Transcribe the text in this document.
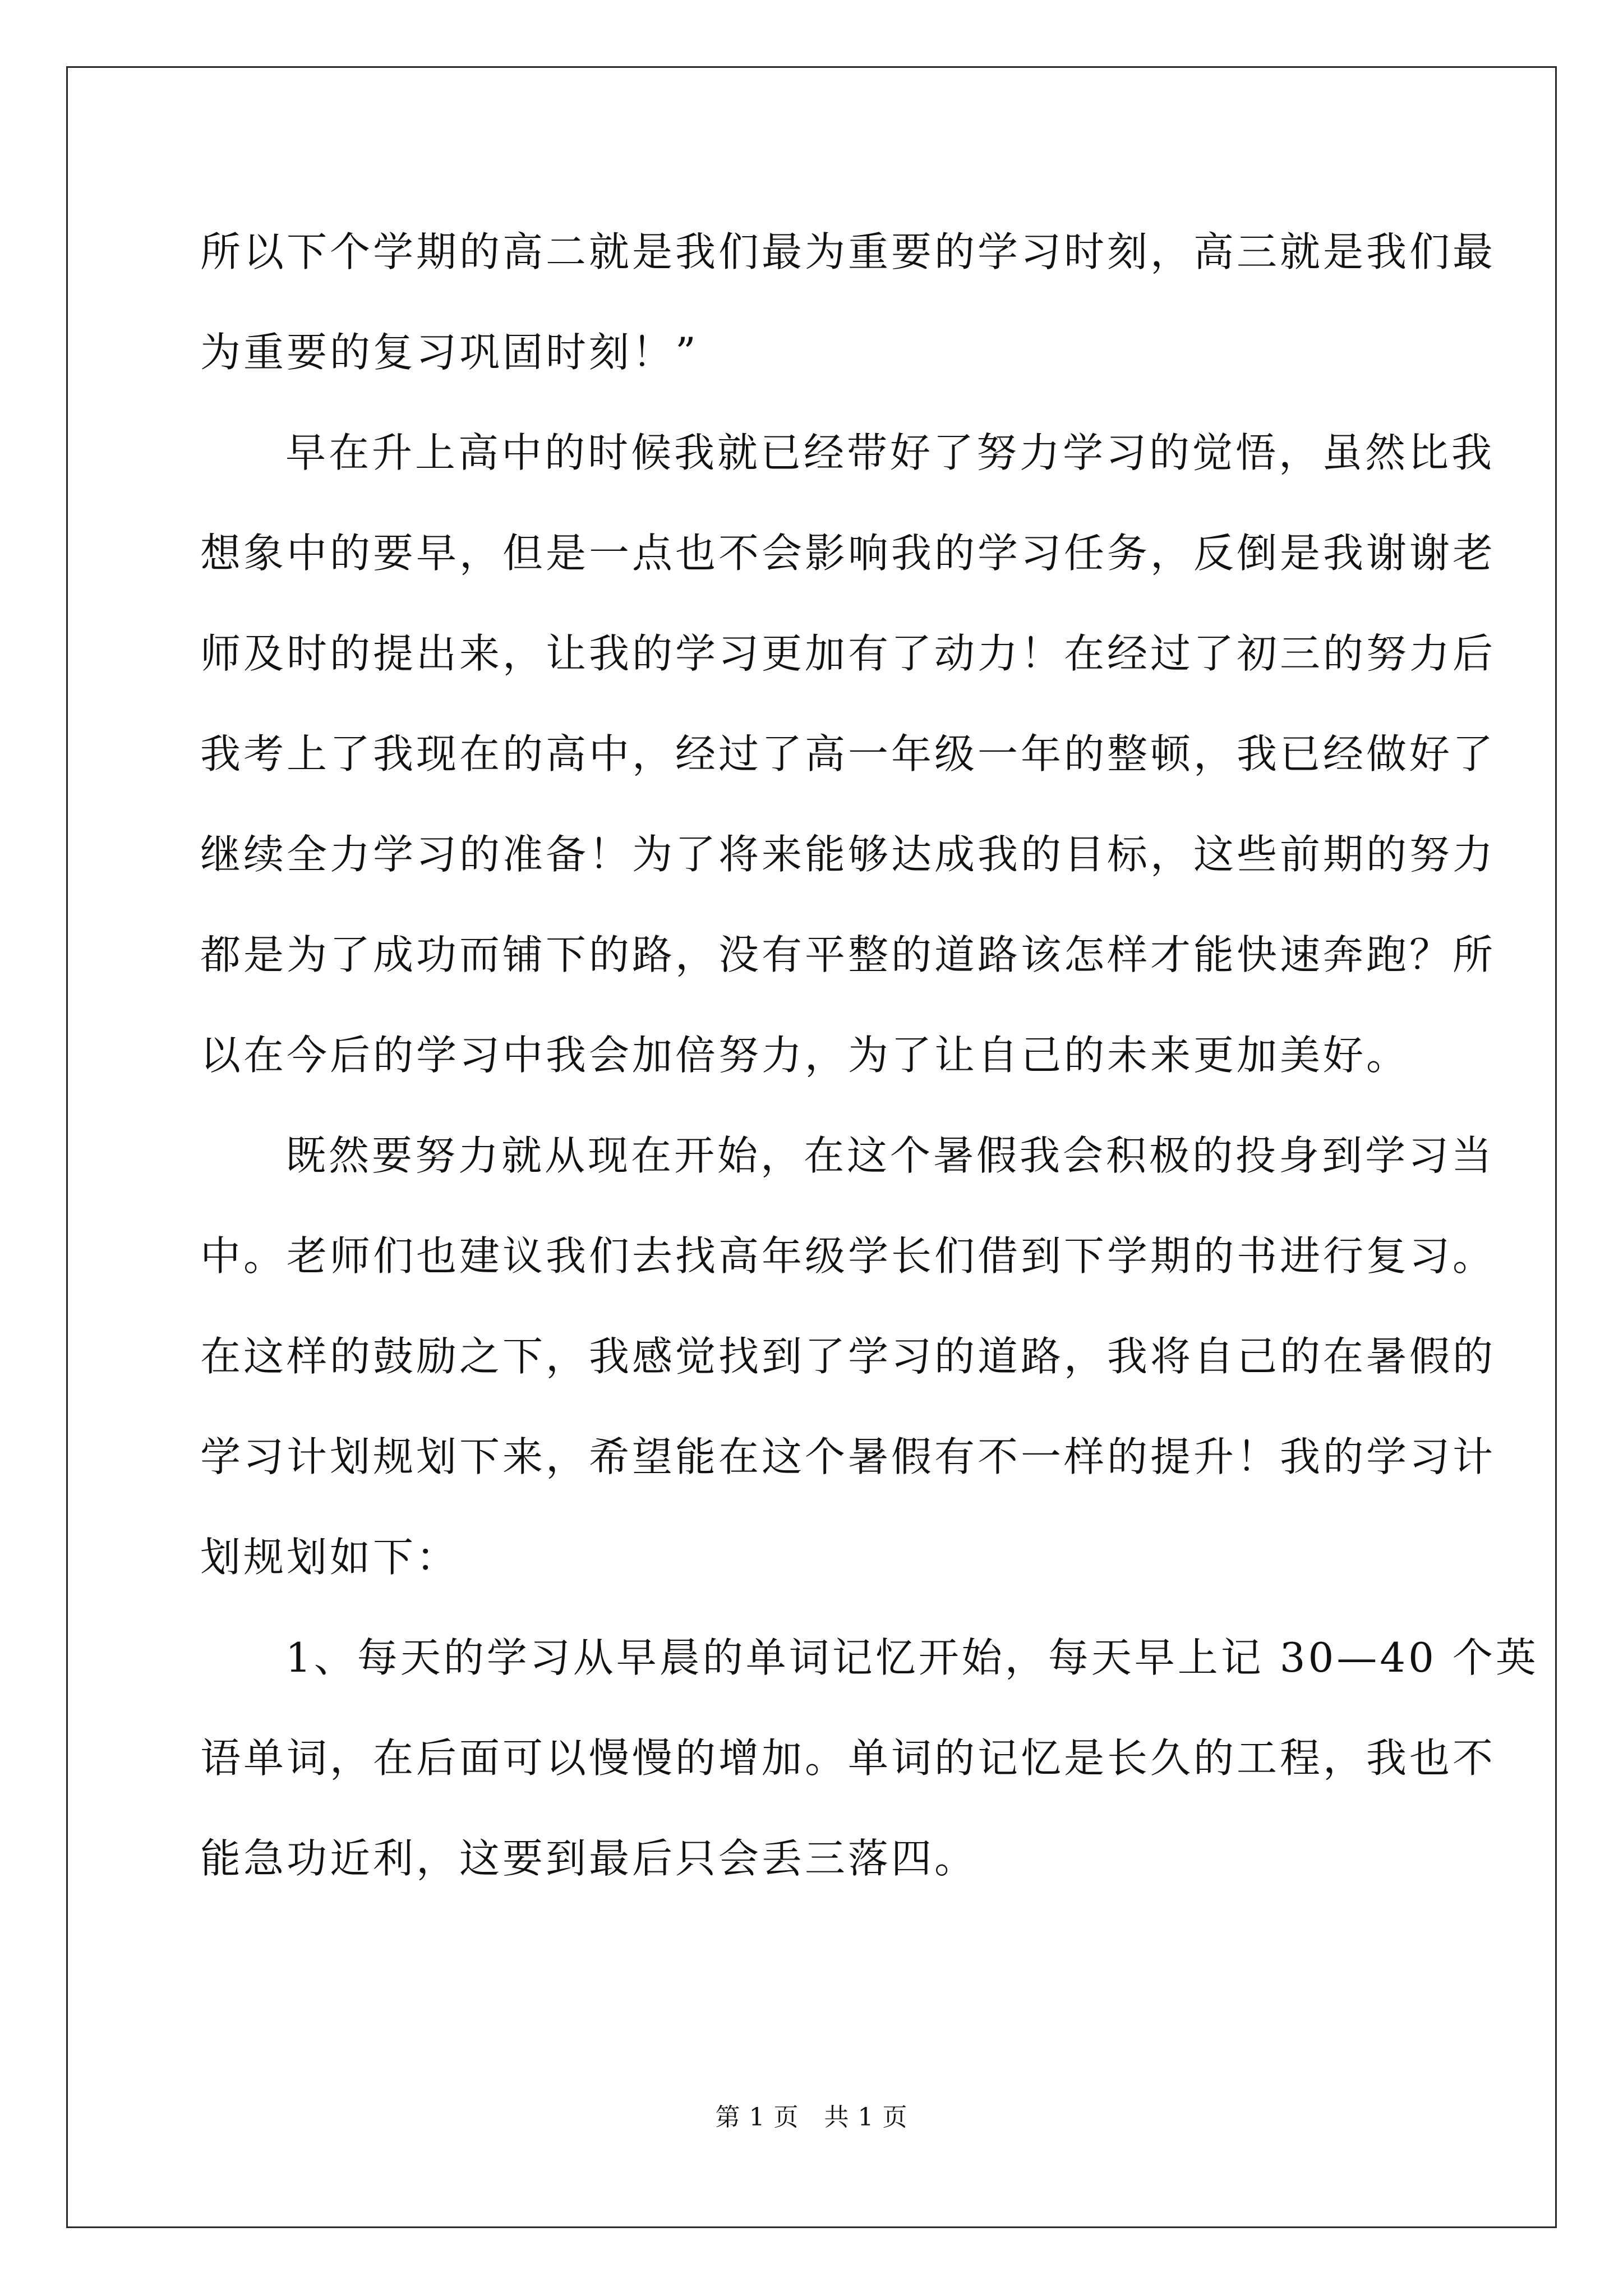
所以下个学期的高二就是我们最为重要的学习时刻，高三就是我们最

为重要的复习巩固时刻！”

早在升上高中的时候我就已经带好了努力学习的觉悟，虽然比我

想象中的要早，但是一点也不会影响我的学习任务，反倒是我谢谢老

师及时的提出来，让我的学习更加有了动力！在经过了初三的努力后

我考上了我现在的高中，经过了高一年级一年的整顿，我已经做好了

继续全力学习的准备！为了将来能够达成我的目标，这些前期的努力

都是为了成功而铺下的路，没有平整的道路该怎样才能快速奔跑？所

以在今后的学习中我会加倍努力，为了让自己的未来更加美好。

既然要努力就从现在开始，在这个暑假我会积极的投身到学习当

中。老师们也建议我们去找高年级学长们借到下学期的书进行复习。

在这样的鼓励之下，我感觉找到了学习的道路，我将自己的在暑假的

学习计划规划下来，希望能在这个暑假有不一样的提升！我的学习计

划规划如下：

1、每天的学习从早晨的单词记忆开始，每天早上记 30—40 个英

语单词，在后面可以慢慢的增加。单词的记忆是长久的工程，我也不

能急功近利，这要到最后只会丢三落四。

第 1 页　共 1 页
